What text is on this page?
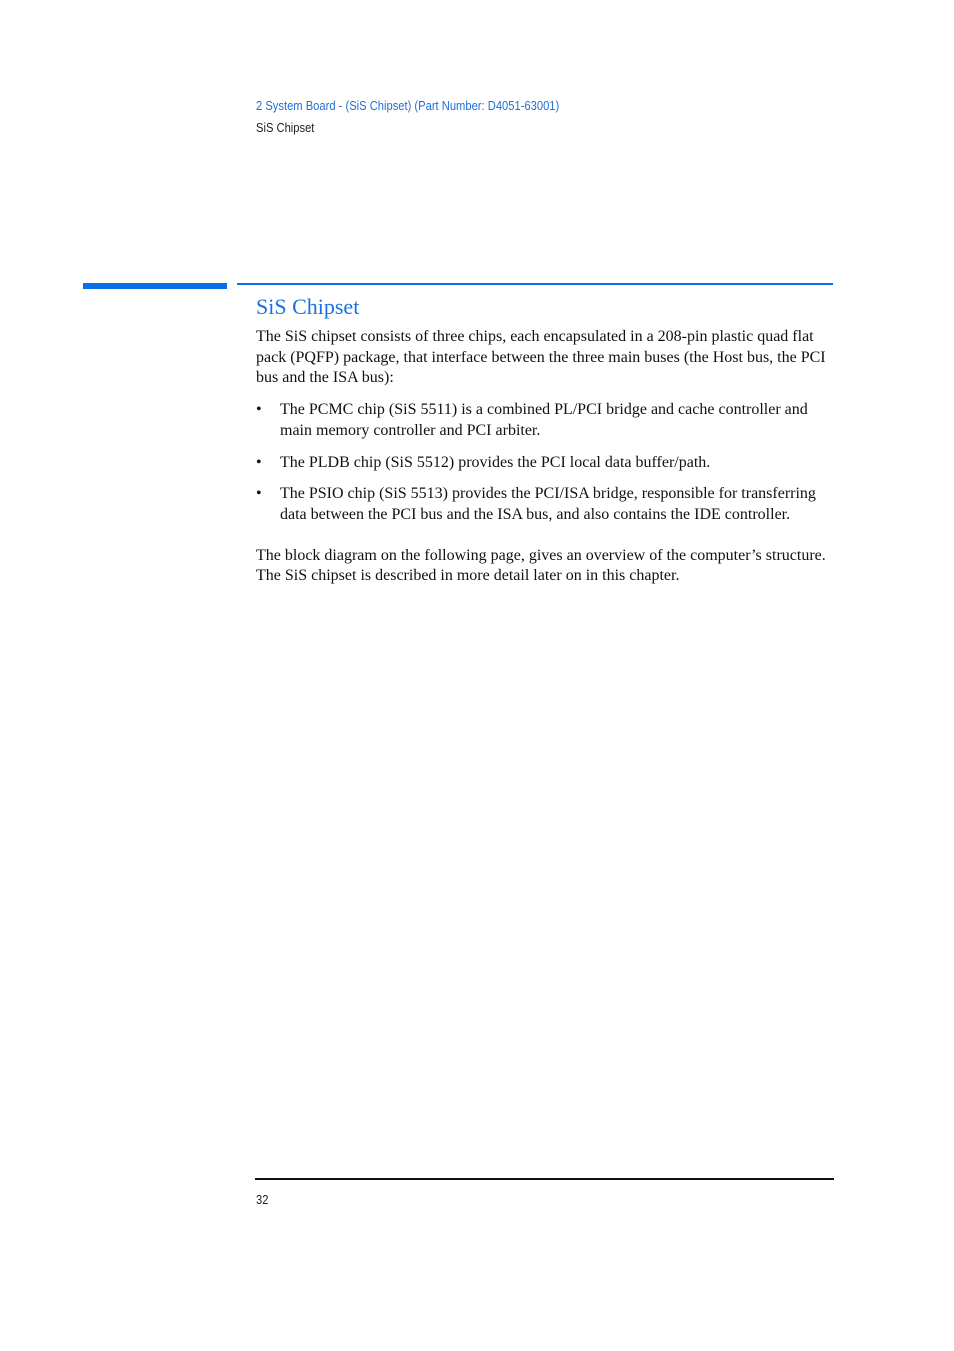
2 System Board - (SiS Chipset) (Part Number: D4051-63001)
SiS Chipset
SiS Chipset

The SiS chipset consists of three chips, each encapsulated in a 208-pin plastic quad flat pack (PQFP) package, that interface between the three main buses (the Host bus, the PCI bus and the ISA bus):

• The PCMC chip (SiS 5511) is a combined PL/PCI bridge and cache controller and main memory controller and PCI arbiter.
• The PLDB chip (SiS 5512) provides the PCI local data buffer/path.
• The PSIO chip (SiS 5513) provides the PCI/ISA bridge, responsible for transferring data between the PCI bus and the ISA bus, and also contains the IDE controller.

The block diagram on the following page, gives an overview of the computer’s structure. The SiS chipset is described in more detail later on in this chapter.

32
